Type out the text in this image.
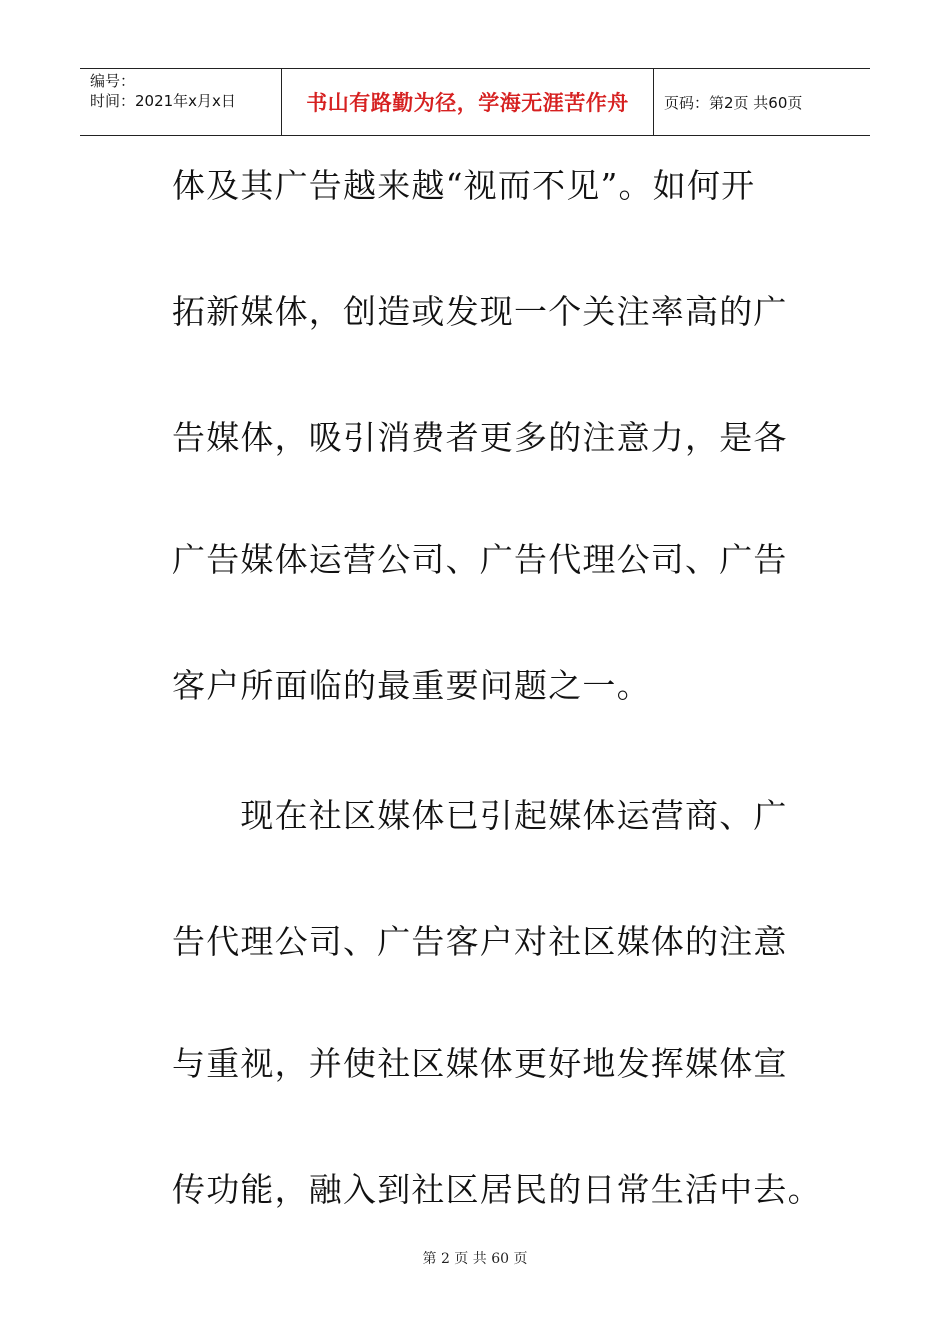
编号：
时间：2021年x月x日	书山有路勤为径，学海无涯苦作舟	页码：第2页 共60页
体及其广告越来越“视而不见”。如何开
拓新媒体，创造或发现一个关注率高的广
告媒体，吸引消费者更多的注意力，是各
广告媒体运营公司、广告代理公司、广告
客户所面临的最重要问题之一。
　　现在社区媒体已引起媒体运营商、广
告代理公司、广告客户对社区媒体的注意
与重视，并使社区媒体更好地发挥媒体宣
传功能，融入到社区居民的日常生活中去。
第 2 页 共 60 页
